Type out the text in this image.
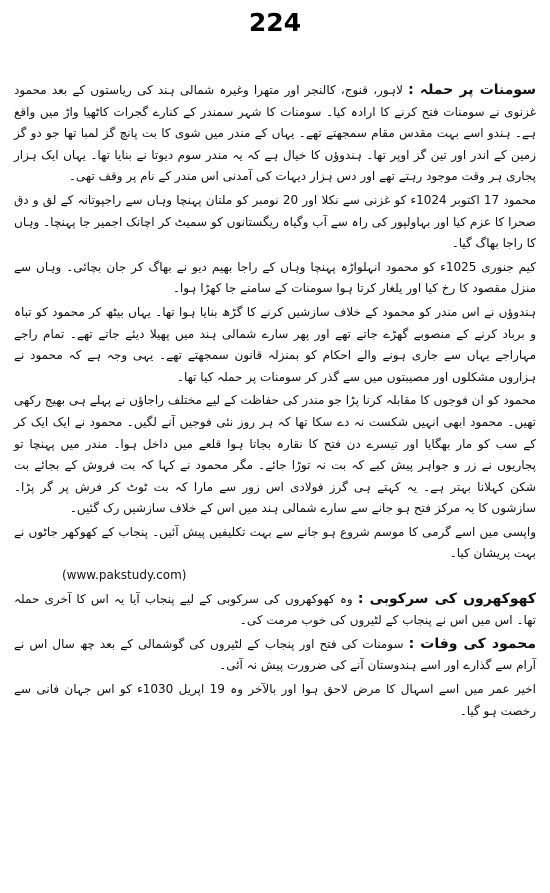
224

سومنات پر حملہ : لاہور، قنوج، کالنجر اور متھرا وغیرہ شمالی ہند کی ریاستوں کے بعد محمود غزنوی نے سومنات فتح کرنے کا ارادہ کیا۔ سومنات کا شہر سمندر کے کنارے گجرات کاٹھیا واڑ میں واقع ہے۔ ہندو اسے بہت مقدس مقام سمجھتے تھے۔ یہاں کے مندر میں شوی کا بت پانچ گز لمبا تھا جو دو گز زمین کے اندر اور تین گز اوپر تھا۔ ہندوؤں کا خیال ہے کہ یہ مندر سوم دیوتا نے بنایا تھا۔ یہاں ایک ہزار پجاری ہر وقت موجود رہتے تھے اور دس ہزار دیہات کی آمدنی اس مندر کے نام پر وقف تھی۔

محمود 17 اکتوبر 1024ء کو غزنی سے نکلا اور 20 نومبر کو ملتان پہنچا وہاں سے راجپوتانہ کے لق و دق صحرا کا عزم کیا اور بہاولپور کی راہ سے آب وگیاہ ریگستانوں کو سمیٹ کر اچانک اجمیر جا پہنچا۔ وہاں کا راجا بھاگ گیا۔

کیم جنوری 1025ء کو محمود انہلواڑہ پہنچا وہاں کے راجا بھیم دیو نے بھاگ کر جان بچائی۔ وہاں سے منزل مقصود کا رخ کیا اور یلغار کرتا ہوا سومنات کے سامنے جا کھڑا ہوا۔

ہندوؤں نے اس مندر کو محمود کے خلاف سازشیں کرنے کا گڑھ بنایا ہوا تھا۔ یہاں بیٹھ کر محمود کو تباہ و برباد کرنے کے منصوبے گھڑے جاتے تھے اور پھر سارے شمالی ہند میں پھیلا دیئے جاتے تھے۔ تمام راجے مہاراجے یہاں سے جاری ہونے والے احکام کو بمنزلہ قانون سمجھتے تھے۔ یہی وجہ ہے کہ محمود نے ہزاروں مشکلوں اور مصیبتوں میں سے گذر کر سومنات پر حملہ کیا تھا۔

محمود کو ان فوجوں کا مقابلہ کرنا پڑا جو مندر کی حفاظت کے لیے مختلف راجاؤں نے پہلے ہی بھیج رکھی تھیں۔ محمود ابھی انہیں شکست نہ دے سکا تھا کہ ہر روز نئی فوجیں آنے لگیں۔ محمود نے ایک ایک کر کے سب کو مار بھگایا اور تیسرے دن فتح کا نقارہ بجاتا ہوا قلعے میں داخل ہوا۔ مندر میں پہنچا تو پجاریوں نے زر و جواہر پیش کیے کہ بت نہ توڑا جائے۔ مگر محمود نے کہا کہ بت فروش کے بجائے بت شکن کہلانا بہتر ہے۔ یہ کہتے ہی گرز فولادی اس زور سے مارا کہ بت ٹوٹ کر فرش پر گر پڑا۔ سازشوں کا یہ مرکز فتح ہو جانے سے سارے شمالی ہند میں اس کے خلاف سازشیں رک گئیں۔

واپسی میں اسے گرمی کا موسم شروع ہو جانے سے بہت تکلیفیں پیش آئیں۔ پنجاب کے کھوکھر جاٹوں نے بہت پریشان کیا۔

(www.pakstudy.com)

کھوکھروں کی سرکوبی : وہ کھوکھروں کی سرکوبی کے لیے پنجاب آیا یہ اس کا آخری حملہ تھا۔ اس میں اس نے پنجاب کے لٹیروں کی خوب مرمت کی۔

محمود کی وفات : سومنات کی فتح اور پنجاب کے لٹیروں کی گوشمالی کے بعد چھ سال اس نے آرام سے گذارے اور اسے ہندوستان آنے کی ضرورت پیش نہ آئی۔

اخیر عمر میں اسے اسہال کا مرض لاحق ہوا اور بالآخر وہ 19 اپریل 1030ء کو اس جہان فانی سے رخصت ہو گیا۔
